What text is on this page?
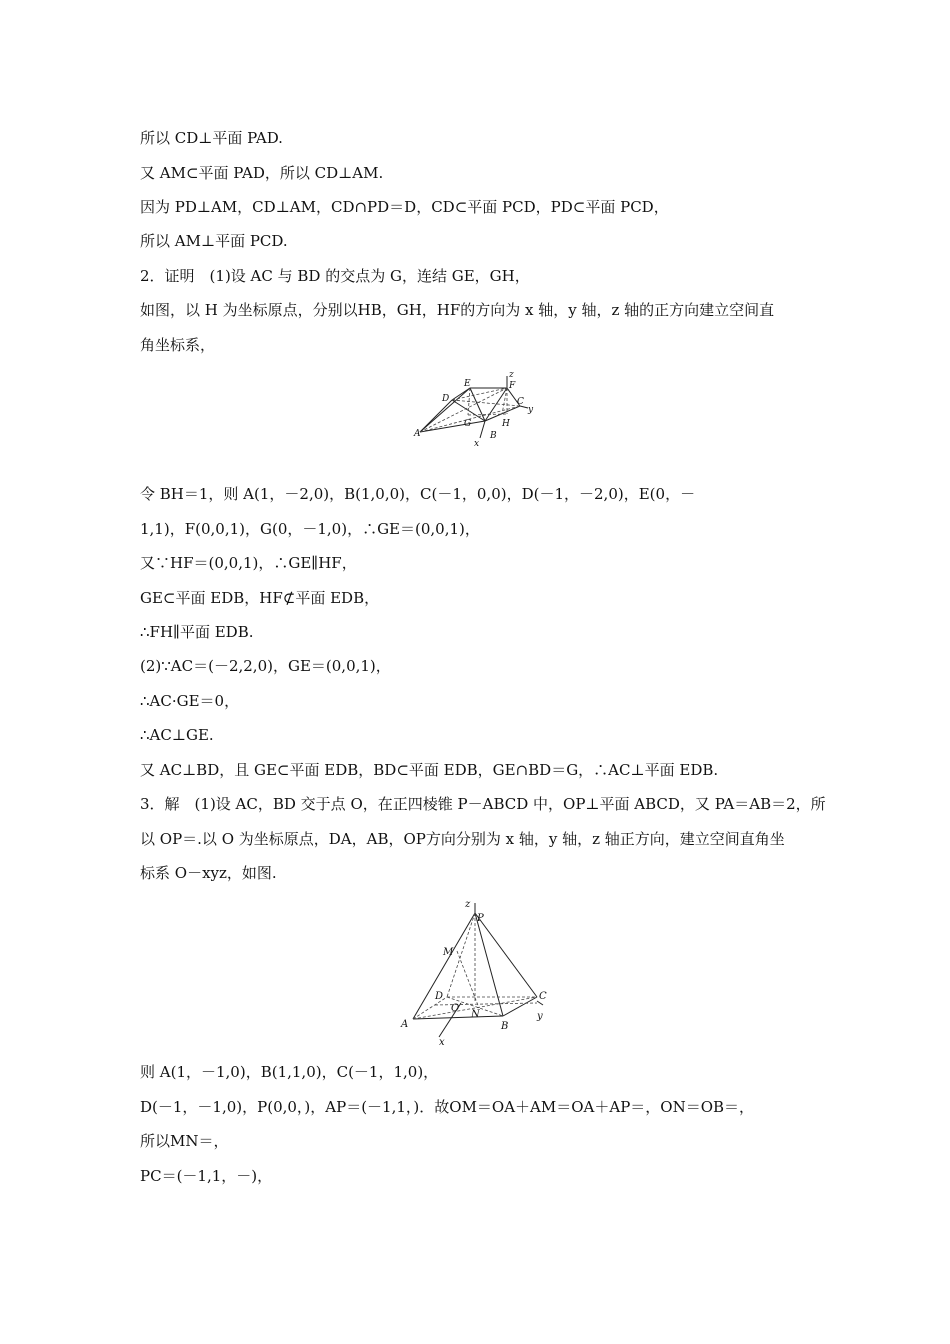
所以 CD⊥平面 PAD.
又 AM⊂平面 PAD，所以 CD⊥AM.
因为 PD⊥AM，CD⊥AM，CD∩PD＝D，CD⊂平面 PCD，PD⊂平面 PCD，
所以 AM⊥平面 PCD.
2．证明　(1)设 AC 与 BD 的交点为 G，连结 GE，GH，
如图，以 H 为坐标原点，分别以HB，GH，HF的方向为 x 轴，y 轴，z 轴的正方向建立空间直
角坐标系，
E	F
z
D	C
y
G	H
A	B
x
令 BH＝1，则 A(1，－2,0)，B(1,0,0)，C(－1，0,0)，D(－1，－2,0)，E(0，－
1,1)，F(0,0,1)，G(0，－1,0)，∴GE＝(0,0,1)，
又∵HF＝(0,0,1)，∴GE∥HF，
GE⊂平面 EDB，HF⊄平面 EDB，
∴FH∥平面 EDB.
(2)∵AC＝(－2,2,0)，GE＝(0,0,1)，
∴AC·GE＝0，
∴AC⊥GE.
又 AC⊥BD，且 GE⊂平面 EDB，BD⊂平面 EDB，GE∩BD＝G，∴AC⊥平面 EDB.
3．解　(1)设 AC，BD 交于点 O，在正四棱锥 P－ABCD 中，OP⊥平面 ABCD，又 PA＝AB＝2，所
以 OP＝.以 O 为坐标原点，DA，AB，OP方向分别为 x 轴，y 轴，z 轴正方向，建立空间直角坐
标系 O－xyz，如图.
z
P
M
D	C
O
N	y
A	B
x
则 A(1，－1,0)，B(1,1,0)，C(－1，1,0)，
D(－1，－1,0)，P(0,0，)，AP＝(－1,1，)．故OM＝OA＋AM＝OA＋AP＝，ON＝OB＝，
所以MN＝，
PC＝(－1,1，－)，
